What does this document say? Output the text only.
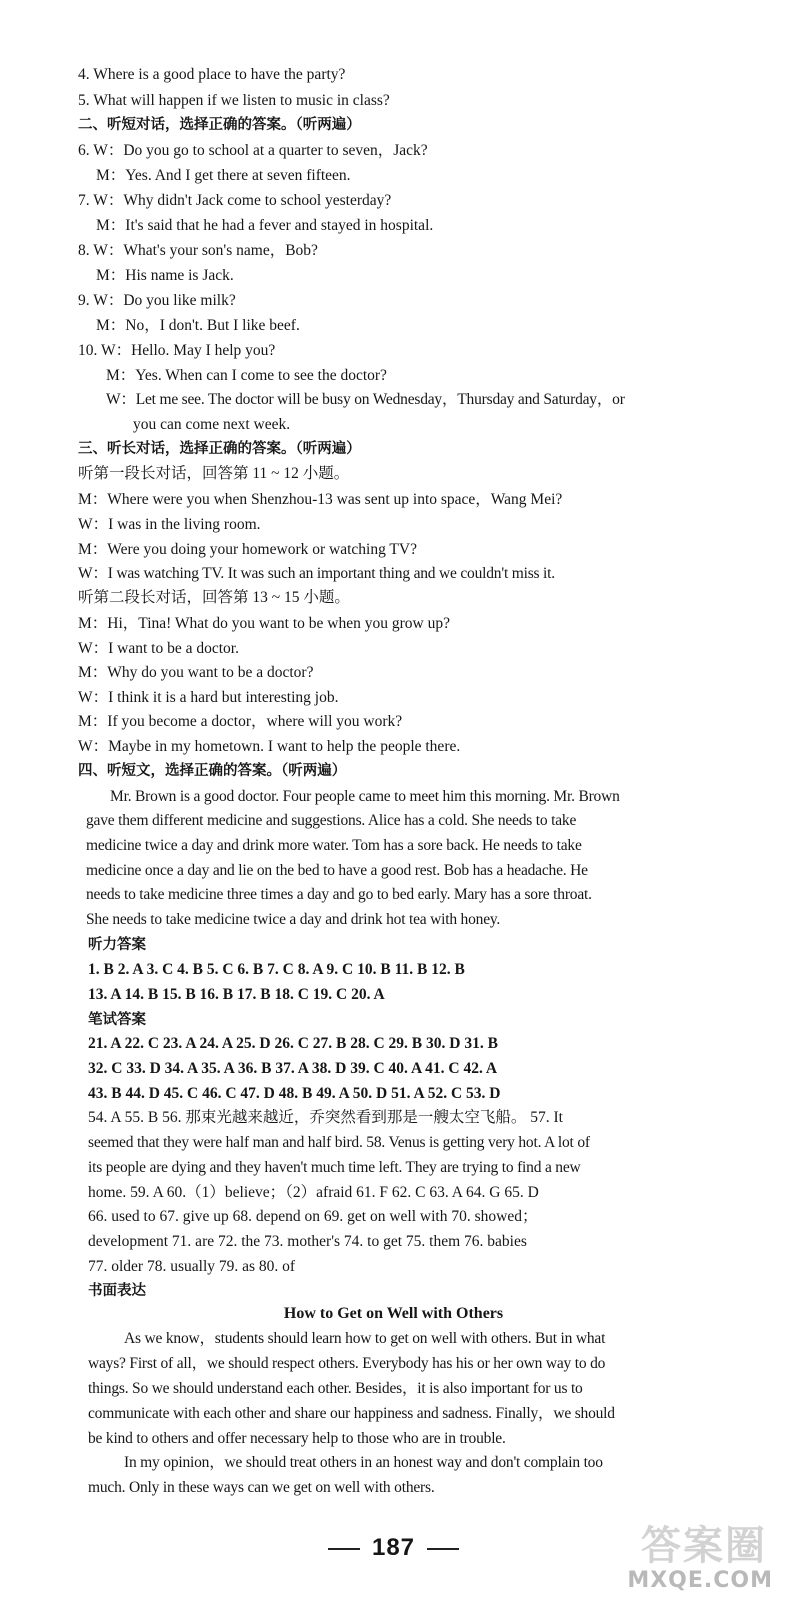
4. Where is a good place to have the party?
5. What will happen if we listen to music in class?
二、听短对话，选择正确的答案。（听两遍）
6. W：Do you go to school at a quarter to seven，Jack?
M：Yes. And I get there at seven fifteen.
7. W：Why didn't Jack come to school yesterday?
M：It's said that he had a fever and stayed in hospital.
8. W：What's your son's name，Bob?
M：His name is Jack.
9. W：Do you like milk?
M：No，I don't. But I like beef.
10. W：Hello. May I help you?
M：Yes. When can I come to see the doctor?
W：Let me see. The doctor will be busy on Wednesday，Thursday and Saturday，or
you can come next week.
三、听长对话，选择正确的答案。（听两遍）
听第一段长对话，回答第 11 ~ 12 小题。
M：Where were you when Shenzhou-13 was sent up into space，Wang Mei?
W：I was in the living room.
M：Were you doing your homework or watching TV?
W：I was watching TV. It was such an important thing and we couldn't miss it.
听第二段长对话，回答第 13 ~ 15 小题。
M：Hi，Tina! What do you want to be when you grow up?
W：I want to be a doctor.
M：Why do you want to be a doctor?
W：I think it is a hard but interesting job.
M：If you become a doctor，where will you work?
W：Maybe in my hometown. I want to help the people there.
四、听短文，选择正确的答案。（听两遍）
Mr. Brown is a good doctor. Four people came to meet him this morning. Mr. Brown
gave them different medicine and suggestions. Alice has a cold. She needs to take
medicine twice a day and drink more water. Tom has a sore back. He needs to take
medicine once a day and lie on the bed to have a good rest. Bob has a headache. He
needs to take medicine three times a day and go to bed early. Mary has a sore throat.
She needs to take medicine twice a day and drink hot tea with honey.
听力答案
1. B 2. A 3. C 4. B 5. C 6. B 7. C 8. A 9. C 10. B 11. B 12. B
13. A 14. B 15. B 16. B 17. B 18. C 19. C 20. A
笔试答案
21. A 22. C 23. A 24. A 25. D 26. C 27. B 28. C 29. B 30. D 31. B
32. C 33. D 34. A 35. A 36. B 37. A 38. D 39. C 40. A 41. C 42. A
43. B 44. D 45. C 46. C 47. D 48. B 49. A 50. D 51. A 52. C 53. D
54. A 55. B 56. 那束光越来越近，乔突然看到那是一艘太空飞船。 57. It
seemed that they were half man and half bird. 58. Venus is getting very hot. A lot of
its people are dying and they haven't much time left. They are trying to find a new
home. 59. A 60.（1）believe；（2）afraid 61. F 62. C 63. A 64. G 65. D
66. used to 67. give up 68. depend on 69. get on well with 70. showed；
development 71. are 72. the 73. mother's 74. to get 75. them 76. babies
77. older 78. usually 79. as 80. of
书面表达
How to Get on Well with Others
As we know，students should learn how to get on well with others. But in what
ways? First of all，we should respect others. Everybody has his or her own way to do
things. So we should understand each other. Besides，it is also important for us to
communicate with each other and share our happiness and sadness. Finally，we should
be kind to others and offer necessary help to those who are in trouble.
In my opinion，we should treat others in an honest way and don't complain too
much. Only in these ways can we get on well with others.
187	答案圈
MXQE.COM
